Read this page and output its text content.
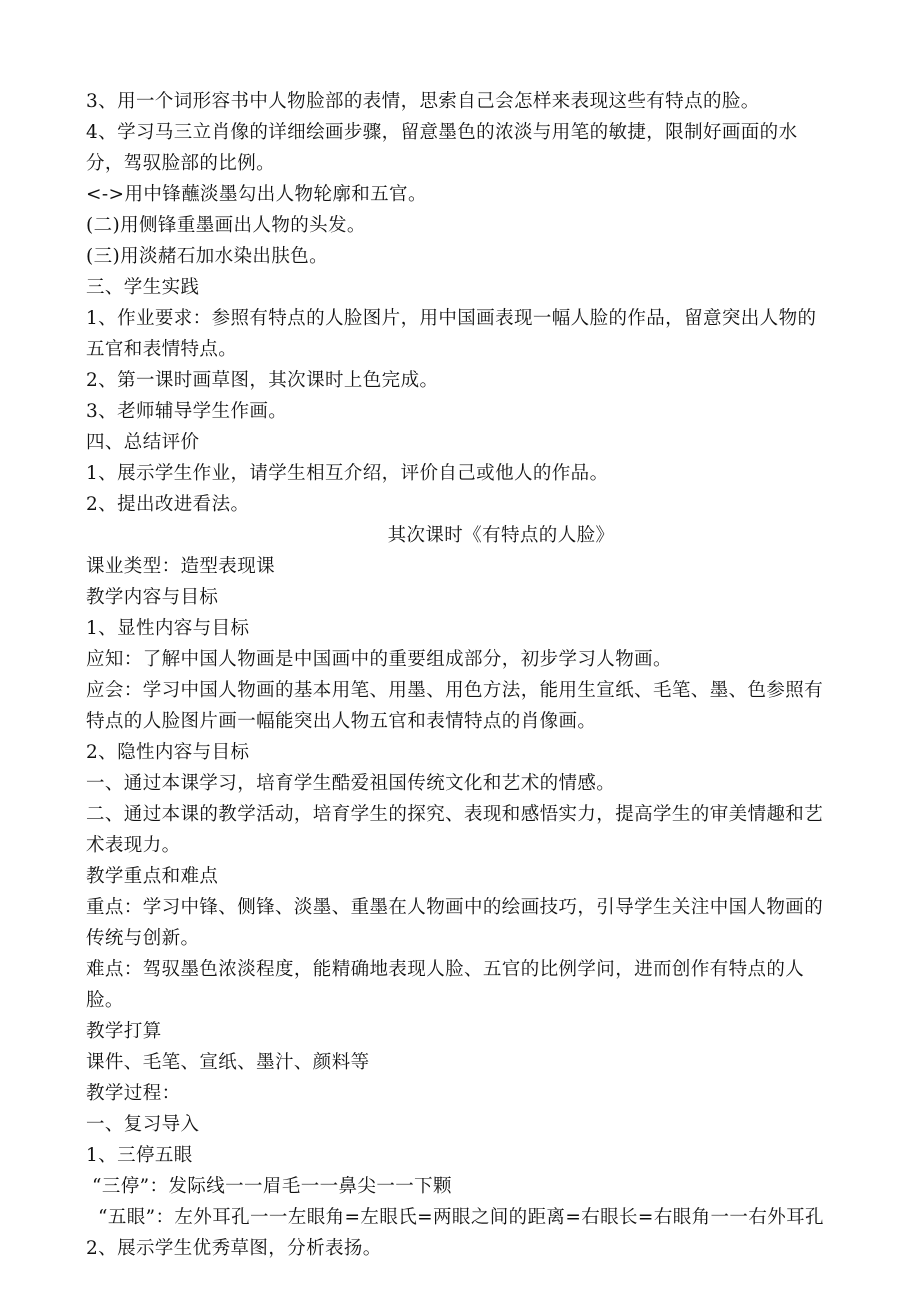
3、用一个词形容书中人物脸部的表情，思索自己会怎样来表现这些有特点的脸。
4、学习马三立肖像的详细绘画步骤，留意墨色的浓淡与用笔的敏捷，限制好画面的水
分，驾驭脸部的比例。
<->用中锋蘸淡墨勾出人物轮廓和五官。
(二)用侧锋重墨画出人物的头发。
(三)用淡赭石加水染出肤色。
三、学生实践
1、作业要求：参照有特点的人脸图片，用中国画表现一幅人脸的作品，留意突出人物的
五官和表情特点。
2、第一课时画草图，其次课时上色完成。
3、老师辅导学生作画。
四、总结评价
1、展示学生作业，请学生相互介绍，评价自己或他人的作品。
2、提出改进看法。
其次课时《有特点的人脸》
课业类型：造型表现课
教学内容与目标
1、显性内容与目标
应知：了解中国人物画是中国画中的重要组成部分，初步学习人物画。
应会：学习中国人物画的基本用笔、用墨、用色方法，能用生宣纸、毛笔、墨、色参照有
特点的人脸图片画一幅能突出人物五官和表情特点的肖像画。
2、隐性内容与目标
一、通过本课学习，培育学生酷爱祖国传统文化和艺术的情感。
二、通过本课的教学活动，培育学生的探究、表现和感悟实力，提高学生的审美情趣和艺
术表现力。
教学重点和难点
重点：学习中锋、侧锋、淡墨、重墨在人物画中的绘画技巧，引导学生关注中国人物画的
传统与创新。
难点：驾驭墨色浓淡程度，能精确地表现人脸、五官的比例学问，进而创作有特点的人
脸。
教学打算
课件、毛笔、宣纸、墨汁、颜料等
教学过程：
一、复习导入
1、三停五眼
“三停”：发际线一一眉毛一一鼻尖一一下颗
“五眼”：左外耳孔一一左眼角=左眼氏=两眼之间的距离=右眼长=右眼角一一右外耳孔
2、展示学生优秀草图，分析表扬。
